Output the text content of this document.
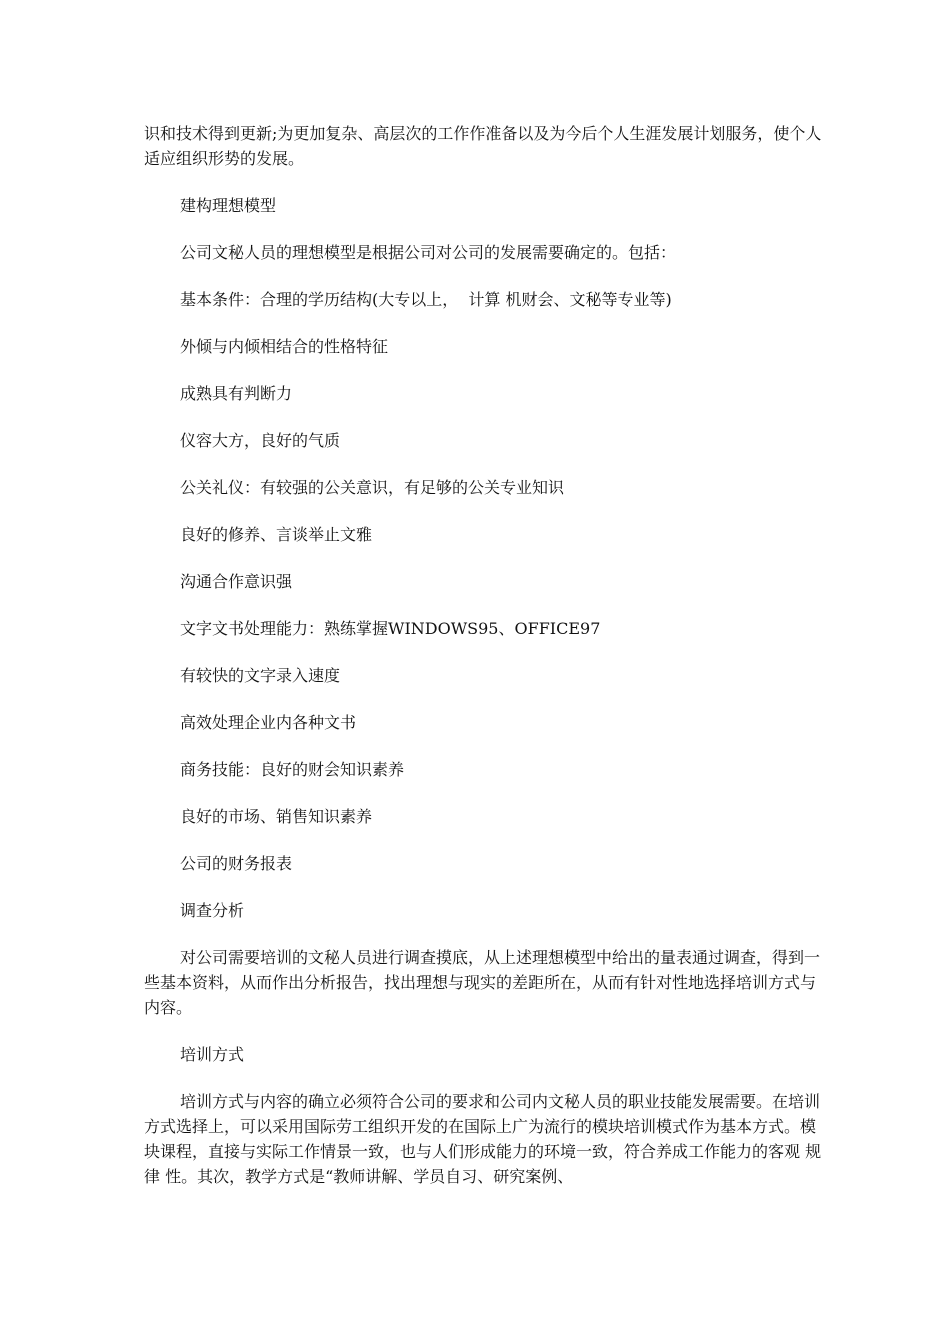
识和技术得到更新;为更加复杂、高层次的工作作准备以及为今后个人生涯发展计划服务，使个人适应组织形势的发展。

建构理想模型

公司文秘人员的理想模型是根据公司对公司的发展需要确定的。包括：

基本条件：合理的学历结构(大专以上，  计算 机财会、文秘等专业等)

外倾与内倾相结合的性格特征

成熟具有判断力

仪容大方，良好的气质

公关礼仪：有较强的公关意识，有足够的公关专业知识

良好的修养、言谈举止文雅

沟通合作意识强

文字文书处理能力：熟练掌握WINDOWS95、OFFICE97

有较快的文字录入速度

高效处理企业内各种文书

商务技能：良好的财会知识素养

良好的市场、销售知识素养

公司的财务报表

调查分析

对公司需要培训的文秘人员进行调查摸底，从上述理想模型中给出的量表通过调查，得到一些基本资料，从而作出分析报告，找出理想与现实的差距所在，从而有针对性地选择培训方式与内容。

培训方式

培训方式与内容的确立必须符合公司的要求和公司内文秘人员的职业技能发展需要。在培训方式选择上，可以采用国际劳工组织开发的在国际上广为流行的模块培训模式作为基本方式。模块课程，直接与实际工作情景一致，也与人们形成能力的环境一致，符合养成工作能力的客观 规律 性。其次，教学方式是“教师讲解、学员自习、研究案例、
